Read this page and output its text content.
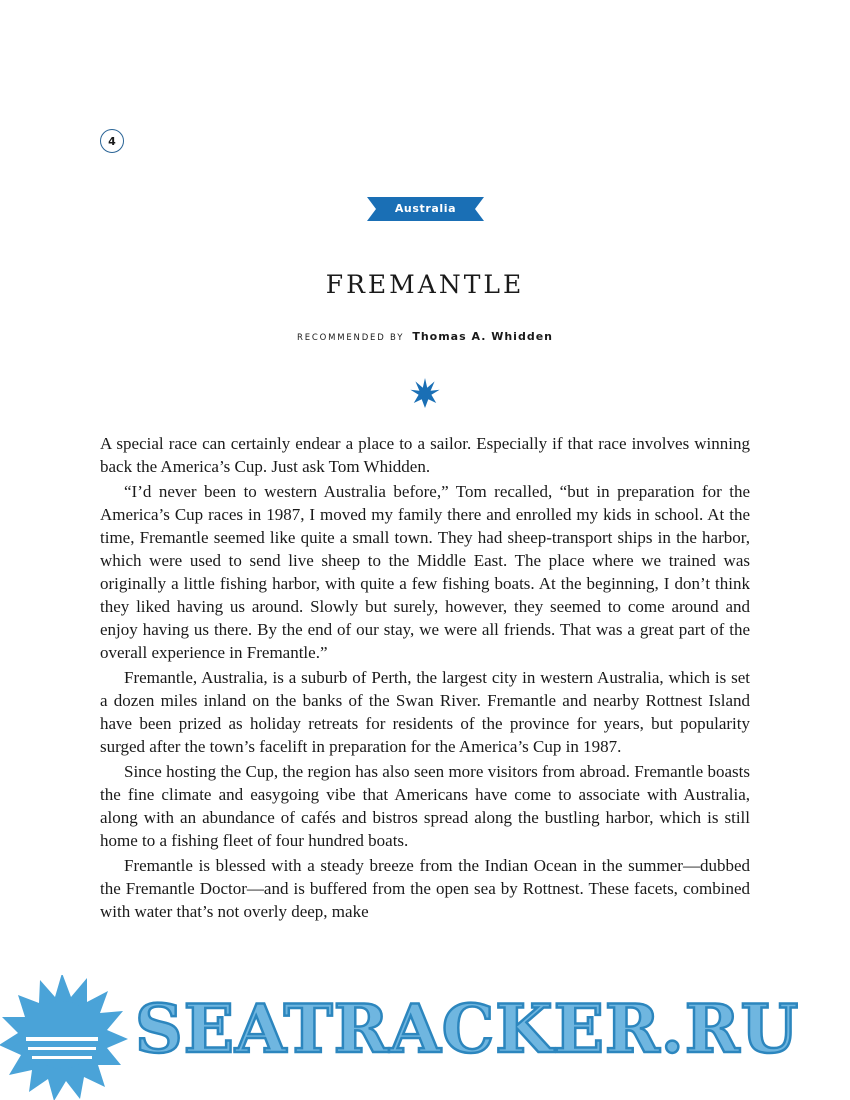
4
Australia
FREMANTLE
RECOMMENDED BY Thomas A. Whidden

A special race can certainly endear a place to a sailor. Especially if that race involves winning back the America’s Cup. Just ask Tom Whidden.

“I’d never been to western Australia before,” Tom recalled, “but in preparation for the America’s Cup races in 1987, I moved my family there and enrolled my kids in school. At the time, Fremantle seemed like quite a small town. They had sheep-transport ships in the harbor, which were used to send live sheep to the Middle East. The place where we trained was originally a little fishing harbor, with quite a few fishing boats. At the beginning, I don’t think they liked having us around. Slowly but surely, however, they seemed to come around and enjoy having us there. By the end of our stay, we were all friends. That was a great part of the overall experience in Fremantle.”

Fremantle, Australia, is a suburb of Perth, the largest city in western Australia, which is set a dozen miles inland on the banks of the Swan River. Fremantle and nearby Rottnest Island have been prized as holiday retreats for residents of the province for years, but popularity surged after the town’s facelift in preparation for the America’s Cup in 1987.

Since hosting the Cup, the region has also seen more visitors from abroad. Fremantle boasts the fine climate and easygoing vibe that Americans have come to associate with Australia, along with an abundance of cafés and bistros spread along the bustling harbor, which is still home to a fishing fleet of four hundred boats.

Fremantle is blessed with a steady breeze from the Indian Ocean in the summer—dubbed the Fremantle Doctor—and is buffered from the open sea by Rottnest. These facets, combined with water that’s not overly deep, make

SEATRACKER.RU
